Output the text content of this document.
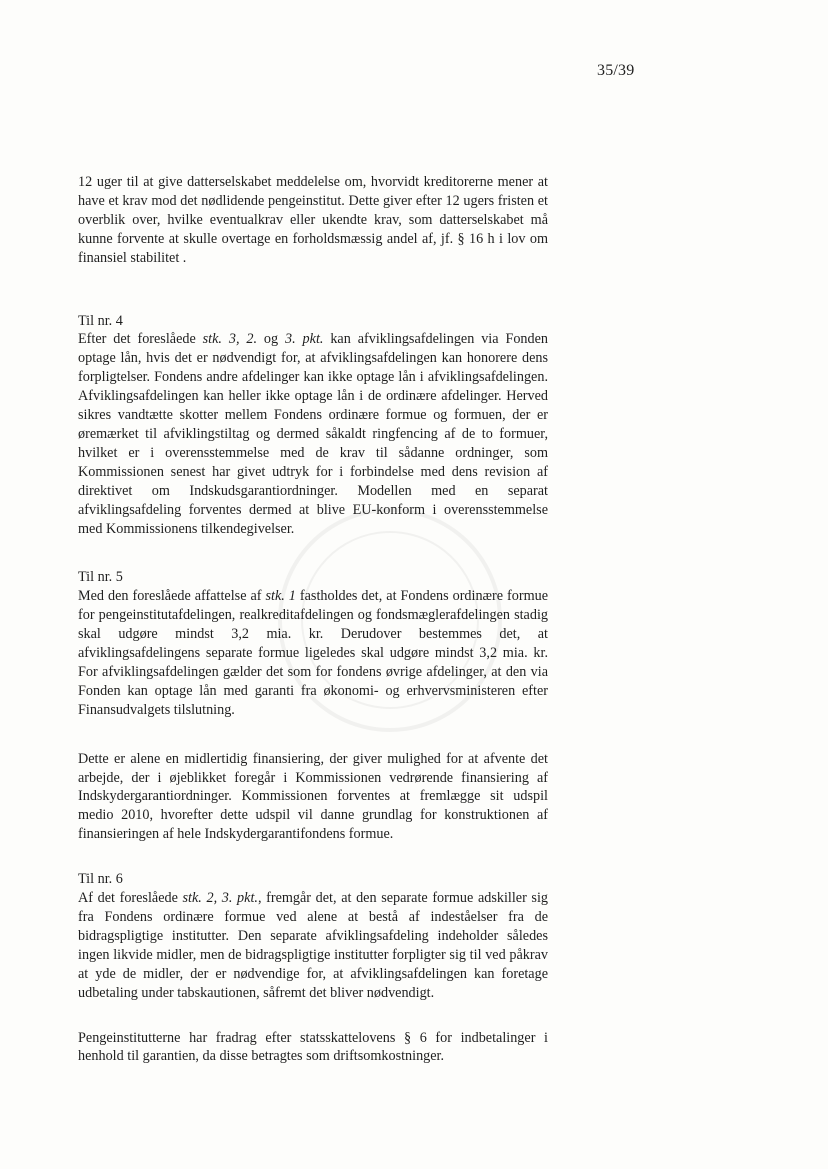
35/39

12 uger til at give datterselskabet meddelelse om, hvorvidt kreditorerne mener at have et krav mod det nødlidende pengeinstitut. Dette giver efter 12 ugers fristen et overblik over, hvilke eventualkrav eller ukendte krav, som datterselskabet må kunne forvente at skulle overtage en forholdsmæssig andel af, jf. § 16 h i lov om finansiel stabilitet .

Til nr. 4

Efter det foreslåede stk. 3, 2. og 3. pkt. kan afviklingsafdelingen via Fonden optage lån, hvis det er nødvendigt for, at afviklingsafdelingen kan honorere dens forpligtelser. Fondens andre afdelinger kan ikke optage lån i afviklingsafdelingen. Afviklingsafdelingen kan heller ikke optage lån i de ordinære afdelinger. Herved sikres vandtætte skotter mellem Fondens ordinære formue og formuen, der er øremærket til afviklingstiltag og dermed såkaldt ringfencing af de to formuer, hvilket er i overensstemmelse med de krav til sådanne ordninger, som Kommissionen senest har givet udtryk for i forbindelse med dens revision af direktivet om Indskudsgarantiordninger. Modellen med en separat afviklingsafdeling forventes dermed at blive EU-konform i overensstemmelse med Kommissionens tilkendegivelser.

Til nr. 5

Med den foreslåede affattelse af stk. 1 fastholdes det, at Fondens ordinære formue for pengeinstitutafdelingen, realkreditafdelingen og fondsmæglerafdelingen stadig skal udgøre mindst 3,2 mia. kr. Derudover bestemmes det, at afviklingsafdelingens separate formue ligeledes skal udgøre mindst 3,2 mia. kr. For afviklingsafdelingen gælder det som for fondens øvrige afdelinger, at den via Fonden kan optage lån med garanti fra økonomi- og erhvervsministeren efter Finansudvalgets tilslutning.

Dette er alene en midlertidig finansiering, der giver mulighed for at afvente det arbejde, der i øjeblikket foregår i Kommissionen vedrørende finansiering af Indskydergarantiordninger. Kommissionen forventes at fremlægge sit udspil medio 2010, hvorefter dette udspil vil danne grundlag for konstruktionen af finansieringen af hele Indskydergarantifondens formue.

Til nr. 6

Af det foreslåede stk. 2, 3. pkt., fremgår det, at den separate formue adskiller sig fra Fondens ordinære formue ved alene at bestå af indeståelser fra de bidragspligtige institutter. Den separate afviklingsafdeling indeholder således ingen likvide midler, men de bidragspligtige institutter forpligter sig til ved påkrav at yde de midler, der er nødvendige for, at afviklingsafdelingen kan foretage udbetaling under tabskautionen, såfremt det bliver nødvendigt.

Pengeinstitutterne har fradrag efter statsskattelovens § 6 for indbetalinger i henhold til garantien, da disse betragtes som driftsomkostninger.
